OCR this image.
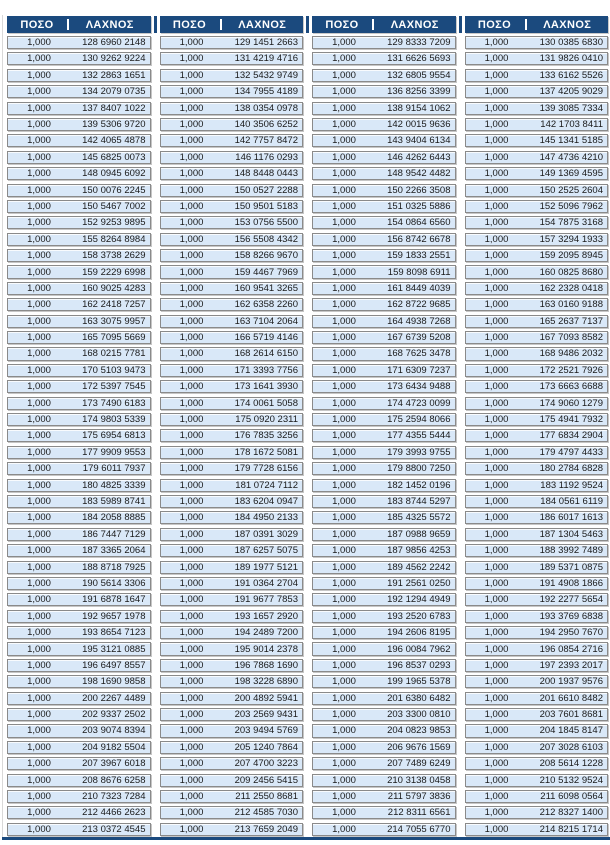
ΠΟΣΟ	ΛΑΧΝΟΣ
1,000	128 6960 2148
1,000	130 9262 9224
1,000	132 2863 1651
1,000	134 2079 0735
1,000	137 8407 1022
1,000	139 5306 9720
1,000	142 4065 4878
1,000	145 6825 0073
1,000	148 0945 6092
1,000	150 0076 2245
1,000	150 5467 7002
1,000	152 9253 9895
1,000	155 8264 8984
1,000	158 3738 2629
1,000	159 2229 6998
1,000	160 9025 4283
1,000	162 2418 7257
1,000	163 3075 9957
1,000	165 7095 5669
1,000	168 0215 7781
1,000	170 5103 9473
1,000	172 5397 7545
1,000	173 7490 6183
1,000	174 9803 5339
1,000	175 6954 6813
1,000	177 9909 9553
1,000	179 6011 7937
1,000	180 4825 3339
1,000	183 5989 8741
1,000	184 2058 8885
1,000	186 7447 7129
1,000	187 3365 2064
1,000	188 8718 7925
1,000	190 5614 3306
1,000	191 6878 1647
1,000	192 9657 1978
1,000	193 8654 7123
1,000	195 3121 0885
1,000	196 6497 8557
1,000	198 1690 9858
1,000	200 2267 4489
1,000	202 9337 2502
1,000	203 9074 8394
1,000	204 9182 5504
1,000	207 3967 6018
1,000	208 8676 6258
1,000	210 7323 7284
1,000	212 4466 2623
1,000	213 0372 4545
ΠΟΣΟ	ΛΑΧΝΟΣ
1,000	129 1451 2663
1,000	131 4219 4716
1,000	132 5432 9749
1,000	134 7955 4189
1,000	138 0354 0978
1,000	140 3506 6252
1,000	142 7757 8472
1,000	146 1176 0293
1,000	148 8448 0443
1,000	150 0527 2288
1,000	150 9501 5183
1,000	153 0756 5500
1,000	156 5508 4342
1,000	158 8266 9670
1,000	159 4467 7969
1,000	160 9541 3265
1,000	162 6358 2260
1,000	163 7104 2064
1,000	166 5719 4146
1,000	168 2614 6150
1,000	171 3393 7756
1,000	173 1641 3930
1,000	174 0061 5058
1,000	175 0920 2311
1,000	176 7835 3256
1,000	178 1672 5081
1,000	179 7728 6156
1,000	181 0724 7112
1,000	183 6204 0947
1,000	184 4950 2133
1,000	187 0391 3029
1,000	187 6257 5075
1,000	189 1977 5121
1,000	191 0364 2704
1,000	191 9677 7853
1,000	193 1657 2920
1,000	194 2489 7200
1,000	195 9014 2378
1,000	196 7868 1690
1,000	198 3228 6890
1,000	200 4892 5941
1,000	203 2569 9431
1,000	203 9494 5769
1,000	205 1240 7864
1,000	207 4700 3223
1,000	209 2456 5415
1,000	211 2550 8681
1,000	212 4585 7030
1,000	213 7659 2049
ΠΟΣΟ	ΛΑΧΝΟΣ
1,000	129 8333 7209
1,000	131 6626 5693
1,000	132 6805 9554
1,000	136 8256 3399
1,000	138 9154 1062
1,000	142 0015 9636
1,000	143 9404 6134
1,000	146 4262 6443
1,000	148 9542 4482
1,000	150 2266 3508
1,000	151 0325 5886
1,000	154 0864 6560
1,000	156 8742 6678
1,000	159 1833 2551
1,000	159 8098 6911
1,000	161 8449 4039
1,000	162 8722 9685
1,000	164 4938 7268
1,000	167 6739 5208
1,000	168 7625 3478
1,000	171 6309 7237
1,000	173 6434 9488
1,000	174 4723 0099
1,000	175 2594 8066
1,000	177 4355 5444
1,000	179 3993 9755
1,000	179 8800 7250
1,000	182 1452 0196
1,000	183 8744 5297
1,000	185 4325 5572
1,000	187 0988 9659
1,000	187 9856 4253
1,000	189 4562 2242
1,000	191 2561 0250
1,000	192 1294 4949
1,000	193 2520 6783
1,000	194 2606 8195
1,000	196 0084 7962
1,000	196 8537 0293
1,000	199 1965 5378
1,000	201 6380 6482
1,000	203 3300 0810
1,000	204 0823 9853
1,000	206 9676 1569
1,000	207 7489 6249
1,000	210 3138 0458
1,000	211 5797 3836
1,000	212 8311 6561
1,000	214 7055 6770
ΠΟΣΟ	ΛΑΧΝΟΣ
1,000	130 0385 6830
1,000	131 9826 0410
1,000	133 6162 5526
1,000	137 4205 9029
1,000	139 3085 7334
1,000	142 1703 8411
1,000	145 1341 5185
1,000	147 4736 4210
1,000	149 1369 4595
1,000	150 2525 2604
1,000	152 5096 7962
1,000	154 7875 3168
1,000	157 3294 1933
1,000	159 2095 8945
1,000	160 0825 8680
1,000	162 2328 0418
1,000	163 0160 9188
1,000	165 2637 7137
1,000	167 7093 8582
1,000	168 9486 2032
1,000	172 2521 7926
1,000	173 6663 6688
1,000	174 9060 1279
1,000	175 4941 7932
1,000	177 6834 2904
1,000	179 4797 4433
1,000	180 2784 6828
1,000	183 1192 9524
1,000	184 0561 6119
1,000	186 6017 1613
1,000	187 1304 5463
1,000	188 3992 7489
1,000	189 5371 0875
1,000	191 4908 1866
1,000	192 2277 5654
1,000	193 3769 6838
1,000	194 2950 7670
1,000	196 0854 2716
1,000	197 2393 2017
1,000	200 1937 9576
1,000	201 6610 8482
1,000	203 7601 8681
1,000	204 1845 8147
1,000	207 3028 6103
1,000	208 5614 1228
1,000	210 5132 9524
1,000	211 6098 0564
1,000	212 8327 1400
1,000	214 8215 1714
